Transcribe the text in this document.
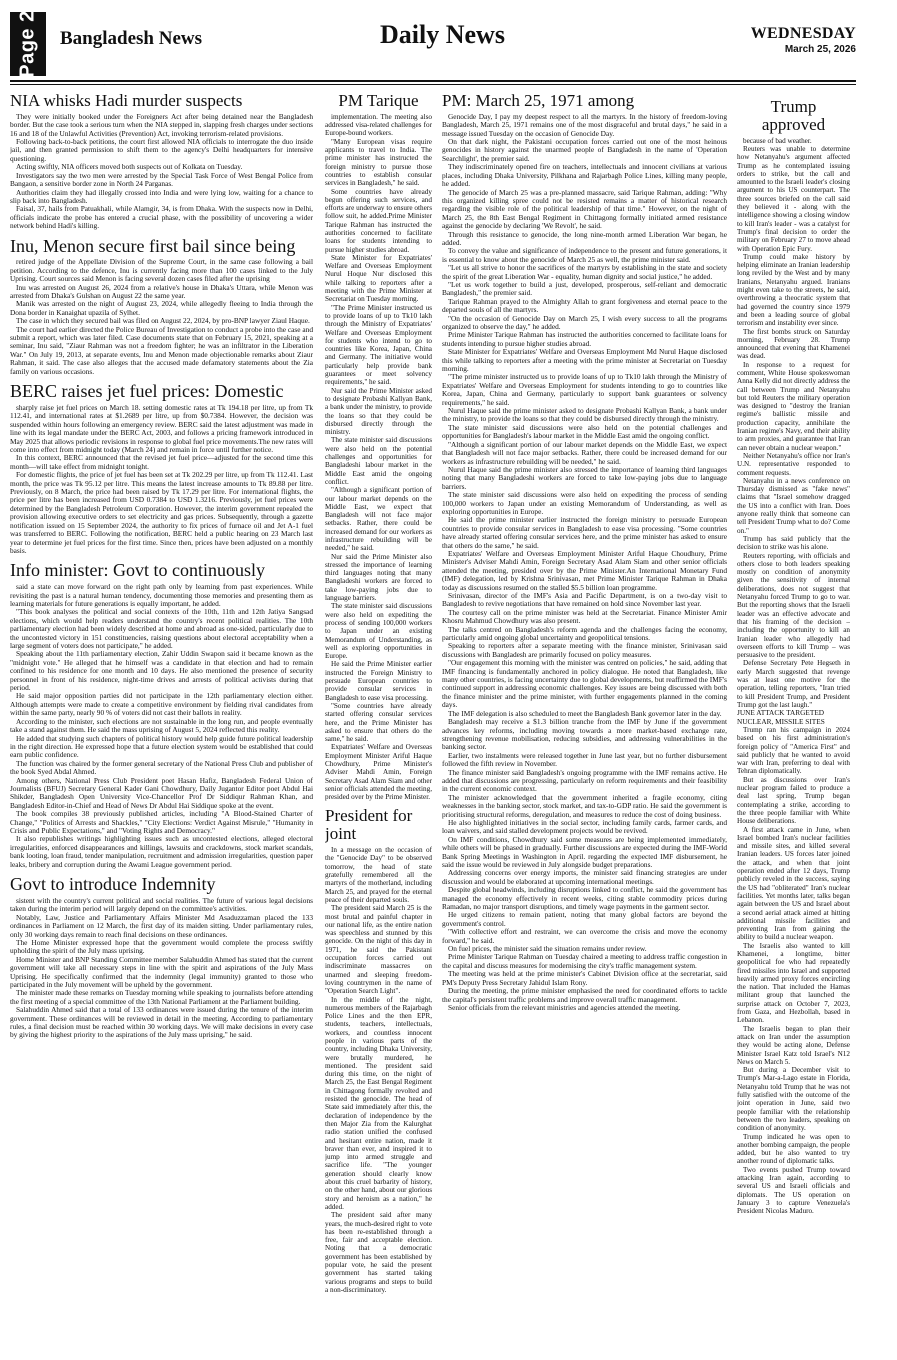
Page 2 Bangladesh News	Daily News	WEDNESDAY
March 25, 2026
NIA whisks Hadi murder suspects

They were initially booked under the Foreigners Act after being detained near the Bangladesh border. But the case took a serious turn when the NIA stepped in, slapping fresh charges under sections 16 and 18 of the Unlawful Activities (Prevention) Act, invoking terrorism-related provisions.

Following back-to-back petitions, the court first allowed NIA officials to interrogate the duo inside jail, and then granted permission to shift them to the agency's Delhi headquarters for intensive questioning.

Acting swiftly, NIA officers moved both suspects out of Kolkata on Tuesday.

Investigators say the two men were arrested by the Special Task Force of West Bengal Police from Bangaon, a sensitive border zone in North 24 Parganas.

Authorities claim they had illegally crossed into India and were lying low, waiting for a chance to slip back into Bangladesh.

Faisal, 37, hails from Patuakhali, while Alamgir, 34, is from Dhaka. With the suspects now in Delhi, officials indicate the probe has entered a crucial phase, with the possibility of uncovering a wider network behind Hadi's killing.

Inu, Menon secure first bail since being

retired judge of the Appellate Division of the Supreme Court, in the same case following a bail petition. According to the defence, Inu is currently facing more than 100 cases linked to the July Uprising. Court sources said Menon is facing several dozen cases filed after the uprising

Inu was arrested on August 26, 2024 from a relative's house in Dhaka's Uttara, while Menon was arrested from Dhaka's Gulshan on August 22 the same year.

Manik was arrested on the night of August 23, 2024, while allegedly fleeing to India through the Dona border in Kanaighat upazila of Sylhet.

The case in which they secured bail was filed on August 22, 2024, by pro-BNP lawyer Ziaul Haque.

The court had earlier directed the Police Bureau of Investigation to conduct a probe into the case and submit a report, which was later filed. Case documents state that on February 15, 2021, speaking at a seminar, Inu said, "Ziaur Rahman was not a freedom fighter; he was an infiltrator in the Liberation War." On July 19, 2013, at separate events, Inu and Menon made objectionable remarks about Ziaur Rahman, it said. The case also alleges that the accused made defamatory statements about the Zia family on various occasions.

BERC raises jet fuel prices: Domestic

sharply raise jet fuel prices on March 18. setting domestic rates at Tk 194.18 per litre, up from Tk 112.41, and international rates at $1.2689 per litre, up from $0.7384. However, the decision was suspended within hours following an emergency review. BERC said the latest adjustment was made in line with its legal mandate under the BERC Act, 2003, and follows a pricing framework introduced in May 2025 that allows periodic revisions in response to global fuel price movements.The new rates will come into effect from midnight today (March 24) and remain in force until further notice.

In this context, BERC announced that the revised jet fuel price—adjusted for the second time this month—will take effect from midnight tonight.

For domestic flights, the price of jet fuel has been set at Tk 202.29 per litre, up from Tk 112.41. Last month, the price was Tk 95.12 per litre. This means the latest increase amounts to Tk 89.88 per litre. Previously, on 8 March, the price had been raised by Tk 17.29 per litre. For international flights, the price per litre has been increased from USD 0.7384 to USD 1.3216. Previously, jet fuel prices were determined by the Bangladesh Petroleum Corporation. However, the interim government repealed the provision allowing executive orders to set electricity and gas prices. Subsequently, through a gazette notification issued on 15 September 2024, the authority to fix prices of furnace oil and Jet A-1 fuel was transferred to BERC. Following the notification, BERC held a public hearing on 23 March last year to determine jet fuel prices for the first time. Since then, prices have been adjusted on a monthly basis.

Info minister: Govt to continuously

said a state can move forward on the right path only by learning from past experiences. While revisiting the past is a natural human tendency, documenting those memories and presenting them as learning materials for future generations is equally important, he added.

"This book analyses the political and social contexts of the 10th, 11th and 12th Jatiya Sangsad elections, which would help readers understand the country's recent political realities. The 10th parliamentary election had been widely described at home and abroad as one-sided, particularly due to the uncontested victory in 151 constituencies, raising questions about electoral acceptability when a large segment of voters does not participate," he added.

Speaking about the 11th parliamentary election, Zahir Uddin Swapon said it became known as the "midnight vote." He alleged that he himself was a candidate in that election and had to remain confined to his residence for one month and 10 days. He also mentioned the presence of security personnel in front of his residence, night-time drives and arrests of political activists during that period.

He said major opposition parties did not participate in the 12th parliamentary election either. Although attempts were made to create a competitive environment by fielding rival candidates from within the same party, nearly 90 % of voters did not cast their ballots in reality.

According to the minister, such elections are not sustainable in the long run, and people eventually take a stand against them. He said the mass uprising of August 5, 2024 reflected this reality.

He added that studying such chapters of political history would help guide future political leadership in the right direction. He expressed hope that a future election system would be established that could earn public confidence.

The function was chaired by the former general secretary of the National Press Club and publisher of the book Syed Abdal Ahmed.

Among others, National Press Club President poet Hasan Hafiz, Bangladesh Federal Union of Journalists (BFUJ) Secretary General Kader Gani Chowdhury, Daily Jugantor Editor poet Abdul Hai Shikder, Bangladesh Open University Vice-Chancellor Prof Dr Siddiqur Rahman Khan, and Bangladesh Editor-in-Chief and Head of News Dr Abdul Hai Siddique spoke at the event.

The book compiles 38 previously published articles, including "A Blood-Stained Charter of Change," "Politics of Arrests and Shackles," "City Elections: Verdict Against Misrule," "Humanity in Crisis and Public Expectations," and "Voting Rights and Democracy."

It also republishes writings highlighting issues such as uncontested elections, alleged electoral irregularities, enforced disappearances and killings, lawsuits and crackdowns, stock market scandals, bank looting, loan fraud, tender manipulation, recruitment and admission irregularities, question paper leaks, bribery and corruption during the Awami League government period.

Govt to introduce Indemnity

sistent with the country's current political and social realities. The future of various legal decisions taken during the interim period will largely depend on the committee's activities.

Notably, Law, Justice and Parliamentary Affairs Minister Md Asaduzzaman placed the 133 ordinances in Parliament on 12 March, the first day of its maiden sitting. Under parliamentary rules, only 30 working days remain to reach final decisions on these ordinances.

The Home Minister expressed hope that the government would complete the process swiftly upholding the spirit of the July mass uprising.

Home Minister and BNP Standing Committee member Salahuddin Ahmed has stated that the current government will take all necessary steps in line with the spirit and aspirations of the July Mass Uprising. He specifically confirmed that the indemnity (legal immunity) granted to those who participated in the July movement will be upheld by the government.

The minister made these remarks on Tuesday morning while speaking to journalists before attending the first meeting of a special committee of the 13th National Parliament at the Parliament building.

Salahuddin Ahmed said that a total of 133 ordinances were issued during the tenure of the interim government. These ordinances will be reviewed in detail in the meeting. According to parliamentary rules, a final decision must be reached within 30 working days. We will make decisions in every case by giving the highest priority to the aspirations of the July mass uprising," he said.

PM Tarique

implementation. The meeting also addressed visa-related challenges for Europe-bound workers.

"Many European visas require applicants to travel to India. The prime minister has instructed the foreign ministry to pursue those countries to establish consular services in Bangladesh," he said.

Some countries have already begun offering such services, and efforts are underway to ensure others follow suit, he added.Prime Minister Tarique Rahman has instructed the authorities concerned to facilitate loans for students intending to pursue higher studies abroad.

State Minister for Expatriates' Welfare and Overseas Employment Nurul Hoque Nur disclosed this while talking to reporters after a meeting with the Prime Minister at Secretariat on Tuesday morning.

"The Prime Minister instructed us to provide loans of up to Tk10 lakh through the Ministry of Expatriates' Welfare and Overseas Employment for students who intend to go to countries like Korea, Japan, China and Germany. The initiative would particularly help provide bank guarantees or meet solvency requirements," he said.

Nur said the Prime Minister asked to designate Probashi Kallyan Bank, a bank under the ministry, to provide the loans so that they could be disbursed directly through the ministry.

The state minister said discussions were also held on the potential challenges and opportunities for Bangladeshi labour market in the Middle East amid the ongoing conflict.

"Although a significant portion of our labour market depends on the Middle East, we expect that Bangladesh will not face major setbacks. Rather, there could be increased demand for our workers as infrastructure rebuilding will be needed," he said.

Nur said the Prime Minister also stressed the importance of learning third languages noting that many Bangladeshi workers are forced to take low-paying jobs due to language barriers.

The state minister said discussions were also held on expediting the process of sending 100,000 workers to Japan under an existing Memorandum of Understanding, as well as exploring opportunities in Europe.

He said the Prime Minister earlier instructed the Foreign Ministry to persuade European countries to provide consular services in Bangladesh to ease visa processing.

"Some countries have already started offering consular services here, and the Prime Minister has asked to ensure that others do the same," he said.

Expatriates' Welfare and Overseas Employment Minister Ariful Haque Chowdhury, Prime Minister's Adviser Mahdi Amin, Foreign Secretary Asad Alam Siam and other senior officials attended the meeting, presided over by the Prime Minister.

President for joint

In a message on the occasion of the "Genocide Day" to be observed tomorrow, the head of state gratefully remembered all the martyrs of the motherland, including March 25, and prayed for the eternal peace of their departed souls.

The president said March 25 is the most brutal and painful chapter in our national life, as the entire nation was speechless and stunned by this genocide. On the night of this day in 1971, he said the Pakistani occupation forces carried out indiscriminate massacres on unarmed and sleeping freedom-loving countrymen in the name of "Operation Search Light".

In the middle of the night, numerous members of the Rajarbagh Police Lines and the then EPR, students, teachers, intellectuals, workers, and countless innocent people in various parts of the country, including Dhaka University, were brutally murdered, he mentioned. The president said during this time, on the night of March 25, the East Bengal Regiment in Chittagong formally revolted and resisted the genocide. The head of State said immediately after this, the declaration of independence by the then Major Zia from the Kalurghat radio station unified the confused and hesitant entire nation, made it braver than ever, and inspired it to jump into armed struggle and sacrifice life. "The younger generation should clearly know about this cruel barbarity of history, on the other hand, about our glorious story and heroism as a nation," he added.

The president said after many years, the much-desired right to vote has been re-established through a free, fair and acceptable election. Noting that a democratic government has been established by popular vote, he said the present government has started taking various programs and steps to build a non-discriminatory.

PM: March 25, 1971 among

Genocide Day, I pay my deepest respect to all the martyrs. In the history of freedom-loving Bangladesh, March 25, 1971 remains one of the most disgraceful and brutal days," he said in a message issued Tuesday on the occasion of Genocide Day.

On that dark night, the Pakistani occupation forces carried out one of the most heinous genocides in history against the unarmed people of Bangladesh in the name of 'Operation Searchlight', the premier said.

They indiscriminately opened fire on teachers, intellectuals and innocent civilians at various places, including Dhaka University, Pilkhana and Rajarbagh Police Lines, killing many people, he added.

The genocide of March 25 was a pre-planned massacre, said Tarique Rahman, adding: "Why this organized killing spree could not be resisted remains a matter of historical research regarding the visible role of the political leadership of that time." However, on the night of March 25, the 8th East Bengal Regiment in Chittagong formally initiated armed resistance against the genocide by declaring 'We Revolt', he said.

Through this resistance to genocide, the long nine-month armed Liberation War began, he added.

To convey the value and significance of independence to the present and future generations, it is essential to know about the genocide of March 25 as well, the prime minister said.

"Let us all strive to honor the sacrifices of the martyrs by establishing in the state and society the spirit of the great Liberation War - equality, human dignity and social justice," he added.

"Let us work together to build a just, developed, prosperous, self-reliant and democratic Bangladesh," the premier said.

Tarique Rahman prayed to the Almighty Allah to grant forgiveness and eternal peace to the departed souls of all the martyrs.

"On the occasion of Genocide Day on March 25, I wish every success to all the programs organized to observe the day," he added.

Prime Minister Tarique Rahman has instructed the authorities concerned to facilitate loans for students intending to pursue higher studies abroad.

State Minister for Expatriates' Welfare and Overseas Employment Md Nurul Haque disclosed this while talking to reporters after a meeting with the prime minister at Secretariat on Tuesday morning.

"The prime minister instructed us to provide loans of up to Tk10 lakh through the Ministry of Expatriates' Welfare and Overseas Employment for students intending to go to countries like Korea, Japan, China and Germany, particularly to support bank guarantees or solvency requirements," he said.

Nurul Haque said the prime minister asked to designate Probashi Kallyan Bank, a bank under the ministry, to provide the loans so that they could be disbursed directly through the ministry.

The state minister said discussions were also held on the potential challenges and opportunities for Bangladesh's labour market in the Middle East amid the ongoing conflict.

"Although a significant portion of our labour market depends on the Middle East, we expect that Bangladesh will not face major setbacks. Rather, there could be increased demand for our workers as infrastructure rebuilding will be needed," he said.

Nurul Haque said the prime minister also stressed the importance of learning third languages noting that many Bangladeshi workers are forced to take low-paying jobs due to language barriers.

The state minister said discussions were also held on expediting the process of sending 100,000 workers to Japan under an existing Memorandum of Understanding, as well as exploring opportunities in Europe.

He said the prime minister earlier instructed the foreign ministry to persuade European countries to provide consular services in Bangladesh to ease visa processing. "Some countries have already started offering consular services here, and the prime minister has asked to ensure that others do the same," he said.

Expatriates' Welfare and Overseas Employment Minister Ariful Haque Choudhury, Prime Minister's Adviser Mahdi Amin, Foreign Secretary Asad Alam Siam and other senior officials attended the meeting, presided over by the Prime Minister.An International Monetary Fund (IMF) delegation, led by Krishna Srinivasan, met Prime Minister Tarique Rahman in Dhaka today as discussions resumed on the stalled $5.5 billion loan programme.

Srinivasan, director of the IMF's Asia and Pacific Department, is on a two-day visit to Bangladesh to revive negotiations that have remained on hold since November last year.

The courtesy call on the prime minister was held at the Secretariat. Finance Minister Amir Khosru Mahmud Chowdhury was also present.

The talks centred on Bangladesh's reform agenda and the challenges facing the economy, particularly amid ongoing global uncertainty and geopolitical tensions.

Speaking to reporters after a separate meeting with the finance minister, Srinivasan said discussions with Bangladesh are primarily focused on policy measures.

"Our engagement this morning with the minister was centred on policies," he said, adding that IMF financing is fundamentally anchored in policy dialogue. He noted that Bangladesh, like many other countries, is facing uncertainty due to global developments, but reaffirmed the IMF's continued support in addressing economic challenges. Key issues are being discussed with both the finance minister and the prime minister, with further engagements planned in the coming days.

The IMF delegation is also scheduled to meet the Bangladesh Bank governor later in the day.

Bangladesh may receive a $1.3 billion tranche from the IMF by June if the government advances key reforms, including moving towards a more market-based exchange rate, strengthening revenue mobilisation, reducing subsidies, and addressing vulnerabilities in the banking sector.

Earlier, two instalments were released together in June last year, but no further disbursement followed the fifth review in November.

The finance minister said Bangladesh's ongoing programme with the IMF remains active. He added that discussions are progressing, particularly on reform requirements and their feasibility in the current economic context.

The minister acknowledged that the government inherited a fragile economy, citing weaknesses in the banking sector, stock market, and tax-to-GDP ratio. He said the government is prioritising structural reforms, deregulation, and measures to reduce the cost of doing business.

He also highlighted initiatives in the social sector, including family cards, farmer cards, and loan waivers, and said stalled development projects would be revived.

On IMF conditions, Chowdhury said some measures are being implemented immediately, while others will be phased in gradually. Further discussions are expected during the IMF-World Bank Spring Meetings in Washington in April. regarding the expected IMF disbursement, he said the issue would be reviewed in July alongside budget preparations.

Addressing concerns over energy imports, the minister said financing strategies are under discussion and would be elaborated at upcoming international meetings.

Despite global headwinds, including disruptions linked to conflict, he said the government has managed the economy effectively in recent weeks, citing stable commodity prices during Ramadan, no major transport disruptions, and timely wage payments in the garment sector.

He urged citizens to remain patient, noting that many global factors are beyond the government's control.

"With collective effort and restraint, we can overcome the crisis and move the economy forward," he said.

On fuel prices, the minister said the situation remains under review.

Prime Minister Tarique Rahman on Tuesday chaired a meeting to address traffic congestion in the capital and discuss measures for modernising the city's traffic management system.

The meeting was held at the prime minister's Cabinet Division office at the secretariat, said PM's Deputy Press Secretary Jahidul Islam Rony.

During the meeting, the prime minister emphasised the need for coordinated efforts to tackle the capital's persistent traffic problems and improve overall traffic management.

Senior officials from the relevant ministries and agencies attended the meeting.

Trump approved

because of bad weather.

Reuters was unable to determine how Netanyahu's argument affected Trump as he contemplated issuing orders to strike, but the call and amounted to the Israeli leader's closing argument to his US counterpart. The three sources briefed on the call said they believed it - along with the intelligence showing a closing window to kill Iran's leader - was a catalyst for Trump's final decision to order the military on February 27 to move ahead with Operation Epic Fury.

Trump could make history by helping eliminate an Iranian leadership long reviled by the West and by many Iranians, Netanyahu argued. Iranians might even take to the streets, he said, overthrowing a theocratic system that had governed the country since 1979 and been a leading source of global terrorism and instability ever since.

The first bombs struck on Saturday morning, February 28. Trump announced that evening that Khamenei was dead.

In response to a request for comment, White House spokeswoman Anna Kelly did not directly address the call between Trump and Netanyahu but told Reuters the military operation was designed to "destroy the Iranian regime's ballistic missile and production capacity, annihilate the Iranian regime's Navy, end their ability to arm proxies, and guarantee that Iran can never obtain a nuclear weapon."

Neither Netanyahu's office nor Iran's U.N. representative responded to comment requests.

Netanyahu in a news conference on Thursday dismissed as "fake news" claims that "Israel somehow dragged the US into a conflict with Iran. Does anyone really think that someone can tell President Trump what to do? Come on."

Trump has said publicly that the decision to strike was his alone.

Reuters reporting, with officials and others close to both leaders speaking mostly on condition of anonymity given the sensitivity of internal deliberations, does not suggest that Netanyahu forced Trump to go to war. But the reporting shows that the Israeli leader was an effective advocate and that his framing of the decision – including the opportunity to kill an Iranian leader who allegedly had overseen efforts to kill Trump – was persuasive to the president.

Defense Secretary Pete Hegseth in early March suggested that revenge was at least one motive for the operation, telling reporters, "Iran tried to kill President Trump, and President Trump got the last laugh."

JUNE ATTACK TARGETED NUCLEAR, MISSILE SITES

Trump ran his campaign in 2024 based on his first administration's foreign policy of "America First" and said publicly that he wanted to avoid war with Iran, preferring to deal with Tehran diplomatically.

But as discussions over Iran's nuclear program failed to produce a deal last spring, Trump began contemplating a strike, according to the three people familiar with White House deliberations.

A first attack came in June, when Israel bombed Iran's nuclear facilities and missile sites, and killed several Iranian leaders. US forces later joined the attack, and when that joint operation ended after 12 days, Trump publicly reveled in the success, saying the US had "obliterated" Iran's nuclear facilities. Yet months later, talks began again between the US and Israel about a second aerial attack aimed at hitting additional missile facilities and preventing Iran from gaining the ability to build a nuclear weapon.

The Israelis also wanted to kill Khamenei, a longtime, bitter geopolitical foe who had repeatedly fired missiles into Israel and supported heavily armed proxy forces encircling the nation. That included the Hamas militant group that launched the surprise attack on October 7, 2023, from Gaza, and Hezbollah, based in Lebanon.

The Israelis began to plan their attack on Iran under the assumption they would be acting alone, Defense Minister Israel Katz told Israel's N12 News on March 5.

But during a December visit to Trump's Mar-a-Lago estate in Florida, Netanyahu told Trump that he was not fully satisfied with the outcome of the joint operation in June, said two people familiar with the relationship between the two leaders, speaking on condition of anonymity.

Trump indicated he was open to another bombing campaign, the people added, but he also wanted to try another round of diplomatic talks.

Two events pushed Trump toward attacking Iran again, according to several US and Israeli officials and diplomats. The US operation on January 3 to capture Venezuela's President Nicolas Maduro.
